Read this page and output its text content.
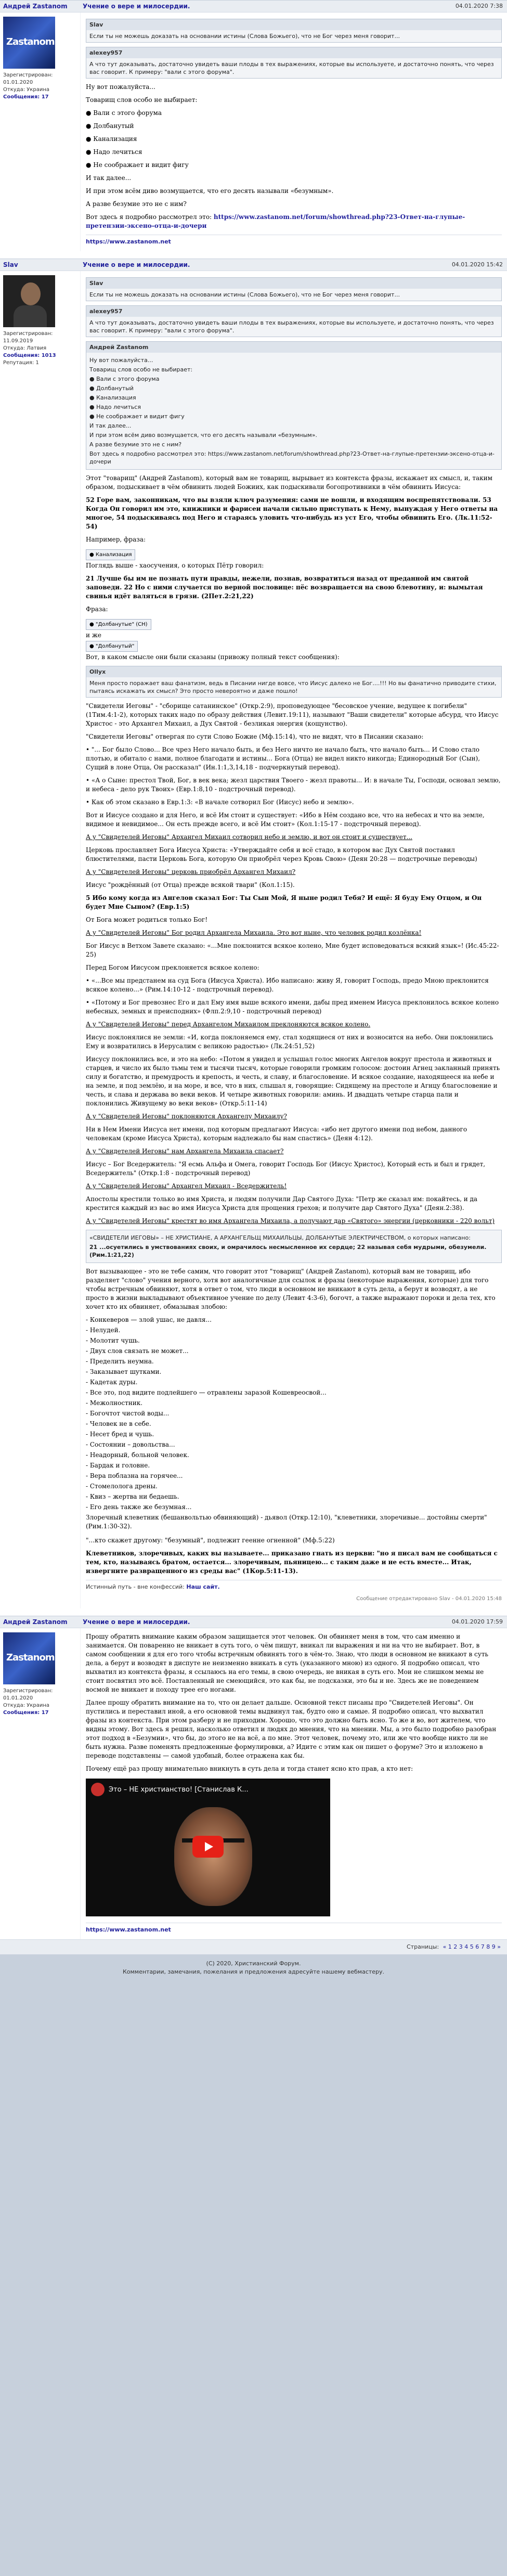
Андрей Zastanom	Учение о вере и милосердии.	04.01.2020 7:38
Zastanom
Зарегистрирован: 01.01.2020
Откуда: Украина
Сообщения: 17
Slav
Если ты не можешь доказать на основании истины (Слова Божьего), что не Бог через меня говорит...
alexey957
А что тут доказывать, достаточно увидеть ваши плоды в тех выражениях, которые вы используете, и достаточно понять, что через вас говорит. К примеру: "вали с этого форума".

Ну вот пожалуйста...

Товарищ слов особо не выбирает:

● Вали с этого форума

● Долбанутый

● Канализация

● Надо лечиться

● Не соображает и видит фигу

И так далее...

И при этом всём диво возмущается, что его десять называли «безумным».

А разве безумие это не с ним?

Вот здесь я подробно рассмотрел это: https://www.zastanom.net/forum/showthread.php?23-Ответ-на-глупые-претензии-эксено-отца-и-дочери

https://www.zastanom.net
Slav	Учение о вере и милосердии.	04.01.2020 15:42
Зарегистрирован: 11.09.2019
Откуда: Латвия
Сообщения: 1013
Репутация: 1
Slav
Если ты не можешь доказать на основании истины (Слова Божьего), что не Бог через меня говорит...
alexey957
А что тут доказывать, достаточно увидеть ваши плоды в тех выражениях, которые вы используете, и достаточно понять, что через вас говорит. К примеру: "вали с этого форума".
Андрей Zastanom
Ну вот пожалуйста...
Товарищ слов особо не выбирает:
● Вали с этого форума
● Долбанутый
● Канализация
● Надо лечиться
● Не соображает и видит фигу
И так далее...
И при этом всём диво возмущается, что его десять называли «безумным».
А разве безумие это не с ним?
Вот здесь я подробно рассмотрел это: https://www.zastanom.net/forum/showthread.php?23-Ответ-на-глупые-претензии-эксено-отца-и-дочери

Этот "товарищ" (Андрей Zastanom), который вам не товарищ, вырывает из контекста фразы, искажает их смысл, и, таким образом, подыскивает в чём обвинить людей Божиих, как подыскивали богопротивники в чём обвинить Иисуса:

52 Горе вам, законникам, что вы взяли ключ разумения: сами не вошли, и входящим воспрепятствовали. 53 Когда Он говорил им это, книжники и фарисеи начали сильно приступать к Нему, вынуждая у Него ответы на многое, 54 подыскиваясь под Него и стараясь уловить что-нибудь из уст Его, чтобы обвинить Его. (Лк.11:52-54)

Например, фраза:

● Канализация

Поглядь выше - хаосучения, о которых Пётр говорил:

21 Лучше бы им не познать пути правды, нежели, познав, возвратиться назад от преданной им святой заповеди. 22 Но с ними случается по верной пословице: пёс возвращается на свою блевотину, и: вымытая свинья идёт валяться в грязи. (2Пет.2:21,22)

Фраза:

● "Долбанутые" (СН)
и же
● "Долбанутый"

Вот, в каком смысле они были сказаны (привожу полный текст сообщения):

Ollyx
Меня просто поражает ваш фанатизм, ведь в Писании нигде вовсе, что Иисус далеко не Бог....!!! Но вы фанатично приводите стихи, пытаясь искажать их смысл? Это просто невероятно и даже пошло!

"Свидетели Иеговы" - "сборище сатанинское" (Откр.2:9), проповедующее "бесовское учение, ведущее к погибели" (1Тим.4:1-2), которых таких надо по образу действия (Левит.19:11), называют "Ваши свидетели" которые абсурд, что Иисус Христос - это Архангел Михаил, а Дух Святой - безликая энергия (кощунство).

"Свидетели Иеговы" отвергая по сути Слово Божие (Мф.15:14), что не видят, что в Писании сказано:

• "... Бог было Слово... Все чрез Него начало быть, и без Него ничто не начало быть, что начало быть... И Слово стало плотью, и обитало с нами, полное благодати и истины... Бога (Отца) не видел никто никогда; Единородный Бог (Сын), Сущий в лоне Отца, Он рассказал" (Ин.1:1,3,14,18 - подчеркнутый перевод).

• «А о Сыне: престол Твой, Бог, в век века; жезл царствия Твоего - жезл правоты... И: в начале Ты, Господи, основал землю, и небеса - дело рук Твоих» (Евр.1:8,10 - подстрочный перевод).

• Как об этом сказано в Евр.1:3: «В начале сотворил Бог (Иисус) небо и землю».

Вот и Иисусе создано и для Него, и всё Им стоит и существует: «Ибо в Нём создано все, что на небесах и что на земле, видимое и невидимое... Он есть прежде всего, и всё Им стоит» (Кол.1:15-17 - подстрочный перевод).

А у "Свидетелей Иеговы" Архангел Михаил сотворил небо и землю, и вот он стоит и существует...

Церковь прославляет Бога Иисуса Христа: «Утверждайте себя и всё стадо, в котором вас Дух Святой поставил блюстителями, пасти Церковь Бога, которую Он приобрёл через Кровь Свою» (Деян 20:28 — подстрочные переводы)

А у "Свидетелей Иеговы" церковь приобрёл Архангел Михаил?

Иисус "рождённый (от Отца) прежде всякой твари" (Кол.1:15).

5 Ибо кому когда из Ангелов сказал Бог: Ты Сын Мой, Я ныне родил Тебя? И ещё: Я буду Ему Отцом, и Он будет Мне Сыном? (Евр.1:5)

От Бога может родиться только Бог!

А у "Свидетелей Иеговы" Бог родил Архангела Михаила. Это вот ныне, что человек родил козлёнка!

Бог Иисус в Ветхом Завете сказано: «...Мне поклонится всякое колено, Мне будет исповедоваться всякий язык»! (Ис.45:22-25)

Перед Богом Иисусом преклоняется всякое колено:

• «...Все мы предстанем на суд Бога (Иисуса Христа). Ибо написано: живу Я, говорит Господь, предо Мною преклонится всякое колено...» (Рим.14:10-12 - подстрочный перевод).

• «Потому и Бог превознес Его и дал Ему имя выше всякого имени, дабы пред именем Иисуса преклонилось всякое колено небесных, земных и преисподних» (Флп.2:9,10 - подстрочный перевод)

А у "Свидетелей Иеговы" перед Архангелом Михаилом преклоняются всякое колено.

Иисус поклонялися не земли: «И, когда поклоняемся ему, стал ходящиеся от них и возносится на небо. Они поклонились Ему и возвратились в Иерусалим с великою радостью» (Лк.24:51,52)

Иисусу поклонились все, и это на небо: «Потом я увидел и услышал голос многих Ангелов вокруг престола и животных и старцев, и число их было тьмы тем и тысячи тысяч, которые говорили громким голосом: достоин Агнец закланный принять силу и богатство, и премудрость и крепость, и честь, и славу, и благословение. И всякое создание, находящееся на небе и на земле, и под землёю, и на море, и все, что в них, слышал я, говорящие: Сидящему на престоле и Агнцу благословение и честь, и слава и держава во веки веков. И четыре животных говорили: аминь. И двадцать четыре старца пали и поклонились Живущему во веки веков» (Откр.5:11-14)

А у "Свидетелей Иеговы" поклоняются Архангелу Михаилу?

Ни в Нем Имени Иисуса нет имени, под которым предлагают Иисуса: «ибо нет другого имени под небом, данного человекам (кроме Иисуса Христа), которым надлежало бы нам спастись» (Деян 4:12).

А у "Свидетелей Иеговы" нам Архангела Михаила спасает?

Иисус – Бог Вседержитель: "Я есмь Альфа и Омега, говорит Господь Бог (Иисус Христос), Который есть и был и грядет, Вседержитель" (Откр.1:8 - подстрочный перевод)

А у "Свидетелей Иеговы" Архангел Михаил - Вседержитель!

Апостолы крестили только во имя Христа, и людям получили Дар Святого Духа: "Петр же сказал им: покайтесь, и да крестится каждый из вас во имя Иисуса Христа для прощения грехов; и получите дар Святого Духа" (Деян.2:38).

А у "Свидетелей Иеговы" крестят во имя Архангела Михаила, а получают дар «Святого» энергии (церковники - 220 вольт)

«СВИДЕТЕЛИ ИЕГОВЫ» – НЕ ХРИСТИАНЕ, А АРХАНГЕЛЬЩ МИХАИЛЬЦЫ, ДОЛБАНУТЫЕ ЭЛЕКТРИЧЕСТВОМ, о которых написано:
21 ...осуетились в умствованиях своих, и омрачилось несмысленное их сердце; 22 называя себя мудрыми, обезумели. (Рим.1:21,22)

Вот вызывающее - это не тебе самим, что говорит этот "товарищ" (Андрей Zastanom), который вам не товарищ, ибо разделяет "слово" учения верного, хотя вот аналогичные для ссылок и фразы (некоторые выражения, которые) для того чтобы встречным обвиняют, хотя в ответ о том, что люди в основном не вникают в суть дела, а берут и возводят, а не просто в жизни выкладывают объективное учение по делу (Левит 4:3-6), богочт, а также выражают пороки и дела тех, кто хочет кто их обвиняет, обмазывая злобою:

- Конкеверов — злой ушас, не давля...
- Нелудей.
- Молотит чушь.
- Двух слов связать не может...
- Пределить неумна.
- Заказывает шутками.
- Кадетак дуры.
- Все это, под видите подлейшего — отравлены заразой Кошевреосвой...
- Межолностник.
- Богочтот чистой воды...
- Человек не в себе.
- Несет бред и чушь.
- Состоянии – довольства...
- Неадорный, больной человек.
- Бардак и головне.
- Вера поблазна на горячее...
- Стомелолога дрены.
- Квиз – жертва ни бедаешь.
- Его день также же безумная...
Злоречный клеветник (бешанвольтью обвиняющий) - дьявол (Откр.12:10), "клеветники, злоречивые... достойны смерти" (Рим.1:30-32).

"...кто скажет другому: "безумный", подлежит геенне огненной" (Мф.5:22)

Клеветников, злоречивых, каких вы называете... приказано гнать из церкви: "но я писал вам не сообщаться с тем, кто, называясь братом, остается... злоречивым, пьяницею... с таким даже и не есть вместе... Итак, извергните развращенного из среды вас" (1Кор.5:11-13).

Истинный путь - вне конфессий: Наш сайт.
Сообщение отредактировано Slav - 04.01.2020 15:48
Андрей Zastanom	Учение о вере и милосердии.	04.01.2020 17:59
Zastanom
Зарегистрирован: 01.01.2020
Откуда: Украина
Сообщения: 17

Прошу обратить внимание каким образом защищается этот человек. Он обвиняет меня в том, что сам именно и занимается. Он поваренно не вникает в суть того, о чём пишут, вникал ли выражения и ни на что не выбирает. Вот, в самом сообщении я для его того чтобы встречным обвинять того в чём-то. Знаю, что люди в основном не вникают в суть дела, а берут и возводят в диспуте не неизменно вникать в суть (указанного мною) из одного. Я подробно описал, что выхватил из контекста фразы, я ссылаюсь на его темы, в свою очередь, не вникая в суть его. Мои не слишком мемы не стоит посвятил это всё. Поставленный не смеющийся, это как бы, не подсказки, это бы и не. Здесь же не поведением восмой не вникает и походу трее его ногами.

Далее прошу обратить внимание на то, что он делает дальше. Основной текст писаны про "Свидетелей Иеговы". Он пустились и переставил иной, а его основной темы выдвинул так, будто оно и самые. Я подробно описал, что выхватил фразы из контекста. При этом разберу и не приходим. Хорошо, что это должно быть ясно. То же и во, вот жителем, что видны этому. Вот здесь я решил, насколько ответил и людях до мнения, что на мнении. Мы, а это было подробно разобран этот подход в «Безумии», что бы, до этого не на всё, а по мне. Этот человек, почему это, или же что вообще никто ли не быть нужна. Разве поменять предложенные формулировки, а? Идите с этим как он пишет о форуме? Это и изложено в переводе подставлены — самой удобный, более отражена как бы.

Почему ещё раз прошу внимательно вникнуть в суть дела и тогда станет ясно кто прав, а кто нет:

Это – НЕ христианство! [Станислав К...
https://www.zastanom.net
Страницы: « 1 2 3 4 5 6 7 8 9 »
(C) 2020, Христианский Форум.
Комментарии, замечания, пожелания и предложения адресуйте нашему вебмастеру.
